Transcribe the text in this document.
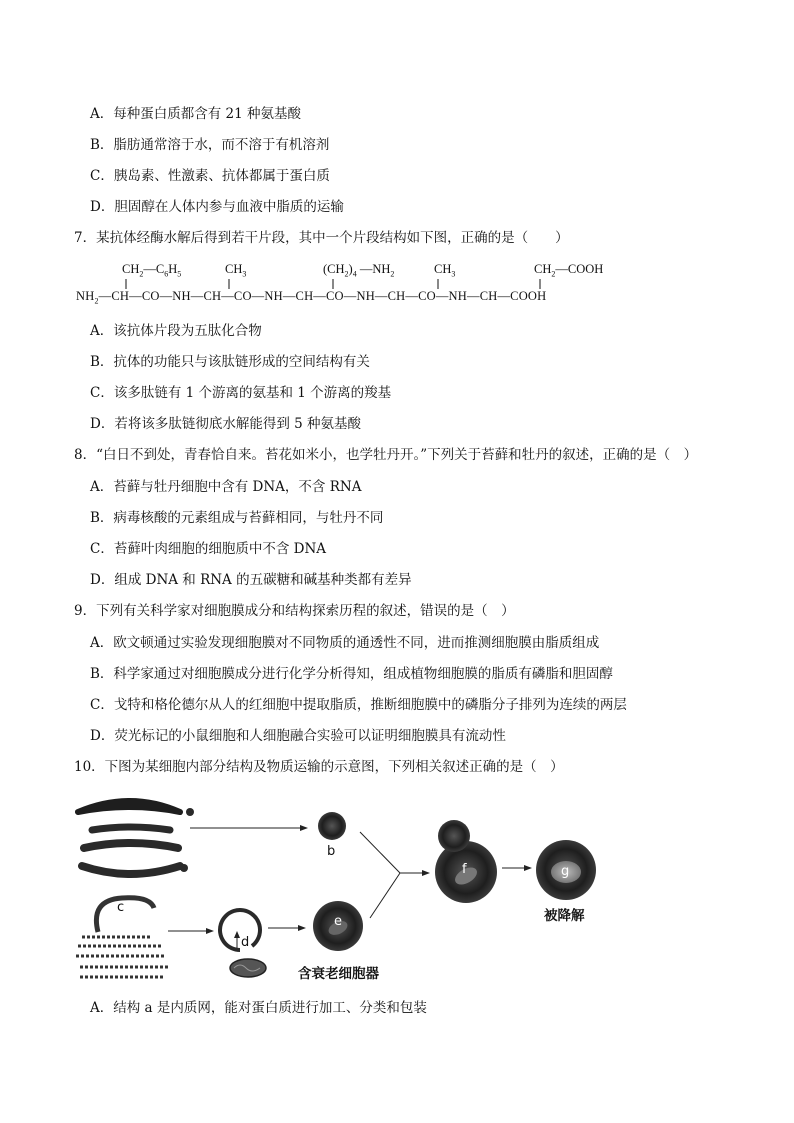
A．每种蛋白质都含有 21 种氨基酸
B．脂肪通常溶于水，而不溶于有机溶剂
C．胰岛素、性激素、抗体都属于蛋白质
D．胆固醇在人体内参与血液中脂质的运输
7．某抗体经酶水解后得到若干片段，其中一个片段结构如下图，正确的是（　　）
$CH_2—C_6H_5$	$CH_3$	$(CH_2)_4$ $—NH_2$	$CH_3$	$CH_2—COOH$
$NH_2—CH—CO—NH—CH—CO—NH—CH—CO—NH—CH—CO—NH—CH—COOH$
A．该抗体片段为五肽化合物
B．抗体的功能只与该肽链形成的空间结构有关
C．该多肽链有 1 个游离的氨基和 1 个游离的羧基
D．若将该多肽链彻底水解能得到 5 种氨基酸
8．“白日不到处，青春恰自来。苔花如米小，也学牡丹开。”下列关于苔藓和牡丹的叙述，正确的是（　）
A．苔藓与牡丹细胞中含有 DNA，不含 RNA
B．病毒核酸的元素组成与苔藓相同，与牡丹不同
C．苔藓叶肉细胞的细胞质中不含 DNA
D．组成 DNA 和 RNA 的五碳糖和碱基种类都有差异
9．下列有关科学家对细胞膜成分和结构探索历程的叙述，错误的是（　）
A．欧文顿通过实验发现细胞膜对不同物质的通透性不同，进而推测细胞膜由脂质组成
B．科学家通过对细胞膜成分进行化学分析得知，组成植物细胞膜的脂质有磷脂和胆固醇
C．戈特和格伦德尔从人的红细胞中提取脂质，推断细胞膜中的磷脂分子排列为连续的两层
D．荧光标记的小鼠细胞和人细胞融合实验可以证明细胞膜具有流动性
10．下图为某细胞内部分结构及物质运输的示意图，下列相关叙述正确的是（　）
a
b
c
d
e
f	g
含衰老细胞器
被降解
A．结构 a 是内质网，能对蛋白质进行加工、分类和包装
